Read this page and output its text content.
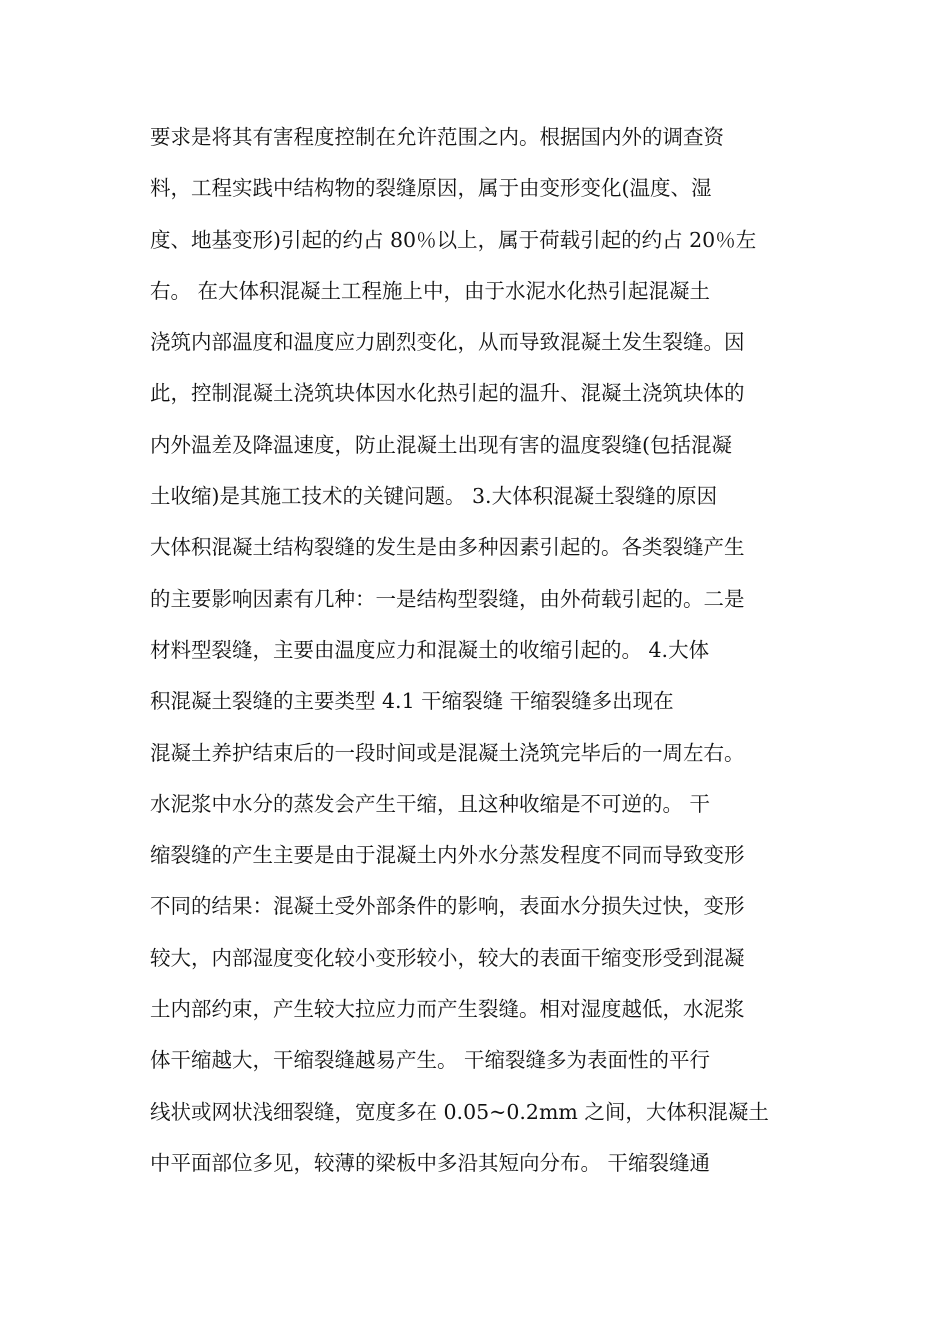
要求是将其有害程度控制在允许范围之内。根据国内外的调查资
料，工程实践中结构物的裂缝原因，属于由变形变化(温度、湿
度、地基变形)引起的约占 80％以上，属于荷载引起的约占 20％左
右。 在大体积混凝土工程施上中，由于水泥水化热引起混凝土
浇筑内部温度和温度应力剧烈变化，从而导致混凝土发生裂缝。因
此，控制混凝土浇筑块体因水化热引起的温升、混凝土浇筑块体的
内外温差及降温速度，防止混凝土出现有害的温度裂缝(包括混凝
土收缩)是其施工技术的关键问题。 3.大体积混凝土裂缝的原因
大体积混凝土结构裂缝的发生是由多种因素引起的。各类裂缝产生
的主要影响因素有几种：一是结构型裂缝，由外荷载引起的。二是
材料型裂缝，主要由温度应力和混凝土的收缩引起的。 4.大体
积混凝土裂缝的主要类型 4.1 干缩裂缝 干缩裂缝多出现在
混凝土养护结束后的一段时间或是混凝土浇筑完毕后的一周左右。
水泥浆中水分的蒸发会产生干缩，且这种收缩是不可逆的。 干
缩裂缝的产生主要是由于混凝土内外水分蒸发程度不同而导致变形
不同的结果：混凝土受外部条件的影响，表面水分损失过快，变形
较大，内部湿度变化较小变形较小，较大的表面干缩变形受到混凝
土内部约束，产生较大拉应力而产生裂缝。相对湿度越低，水泥浆
体干缩越大，干缩裂缝越易产生。 干缩裂缝多为表面性的平行
线状或网状浅细裂缝，宽度多在 0.05~0.2mm 之间，大体积混凝土
中平面部位多见，较薄的梁板中多沿其短向分布。 干缩裂缝通
